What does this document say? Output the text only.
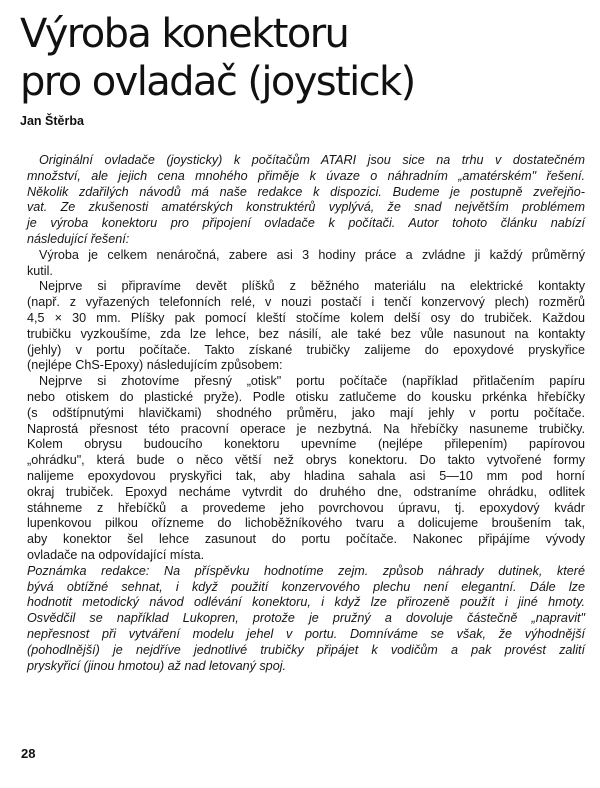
Výroba konektoru
pro ovladač (joystick)
Jan Štěrba
Originální ovladače (joysticky) k počítačům ATARI jsou sice na trhu v dostatečném
množství, ale jejich cena mnohého přiměje k úvaze o náhradním „amatérském" řešení.
Několik zdařilých návodů má naše redakce k dispozici. Budeme je postupně zveřejňo-
vat. Ze zkušenosti amatérských konstruktérů vyplývá, že snad největším problémem
je výroba konektoru pro připojení ovladače k počítači. Autor tohoto článku nabízí
následující řešení:
Výroba je celkem nenáročná, zabere asi 3 hodiny práce a zvládne ji každý průměrný
kutil.
Nejprve si připravíme devět plíšků z běžného materiálu na elektrické kontakty
(např. z vyřazených telefonních relé, v nouzi postačí i tenčí konzervový plech) rozměrů
4,5 × 30 mm. Plíšky pak pomocí kleští stočíme kolem delší osy do trubiček. Každou
trubičku vyzkoušíme, zda lze lehce, bez násilí, ale také bez vůle nasunout na kontakty
(jehly) v portu počítače. Takto získané trubičky zalijeme do epoxydové pryskyřice
(nejlépe ChS-Epoxy) následujícím způsobem:
Nejprve si zhotovíme přesný „otisk" portu počítače (například přitlačením papíru
nebo otiskem do plastické pryže). Podle otisku zatlučeme do kousku prkénka hřebíčky
(s odštípnutými hlavičkami) shodného průměru, jako mají jehly v portu počítače.
Naprostá přesnost této pracovní operace je nezbytná. Na hřebíčky nasuneme trubičky.
Kolem obrysu budoucího konektoru upevníme (nejlépe přilepením) papírovou
„ohrádku", která bude o něco větší než obrys konektoru. Do takto vytvořené formy
nalijeme epoxydovou pryskyřici tak, aby hladina sahala asi 5—10 mm pod horní
okraj trubiček. Epoxyd necháme vytvrdit do druhého dne, odstraníme ohrádku, odlitek
stáhneme z hřebíčků a provedeme jeho povrchovou úpravu, tj. epoxydový kvádr
lupenkovou pilkou ořízneme do lichoběžníkového tvaru a dolicujeme broušením tak,
aby konektor šel lehce zasunout do portu počítače. Nakonec připájíme vývody
ovladače na odpovídající místa.
Poznámka redakce: Na příspěvku hodnotíme zejm. způsob náhrady dutinek, které
bývá obtížné sehnat, i když použití konzervového plechu není elegantní. Dále lze
hodnotit metodický návod odlévání konektoru, i když lze přirozeně použít i jiné hmoty.
Osvědčil se například Lukopren, protože je pružný a dovoluje částečně „napravit"
nepřesnost při vytváření modelu jehel v portu. Domníváme se však, že výhodnější
(pohodlnější) je nejdříve jednotlivé trubičky připájet k vodičům a pak provést zalití
pryskyřicí (jinou hmotou) až nad letovaný spoj.
28
